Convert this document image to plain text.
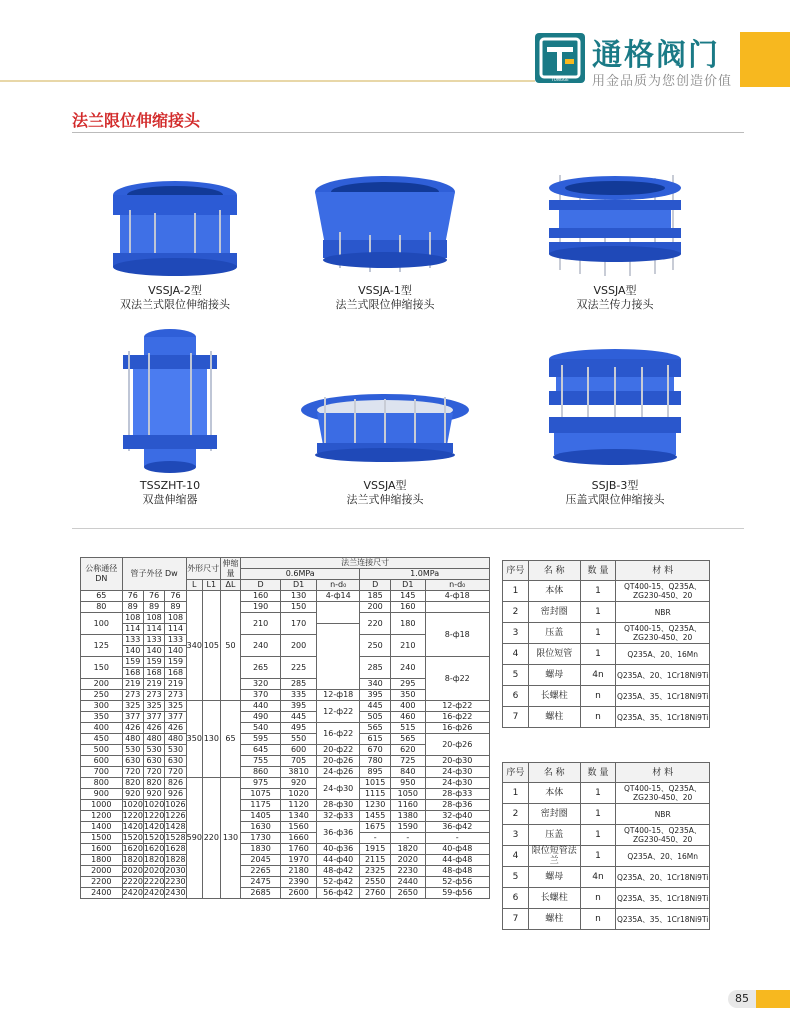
TONGGE
通格阀门
用金品质为您创造价值
法兰限位伸缩接头
VSSJA-2型
双法兰式限位伸缩接头
VSSJA-1型
法兰式限位伸缩接头
VSSJA型
双法兰传力接头
TSSZHT-10
双盘伸缩器
VSSJA型
法兰式伸缩接头
SSJB-3型
压盖式限位伸缩接头
公称通径 DN	管子外径 Dw			外形尺寸		伸缩量	法兰连接尺寸					
							0.6MPa			1.0MPa		
				L	L1	ΔL	D	D1	n-d₀	D	D1	n-d₀
65	76	76	76	340	105	50	160	130	4-ф14	185	145	4-ф18
80	89	89	89				190	150		200	160	
100	108	108	108				210	170		220	180	8-ф18
	114	114	114									
125	133	133	133				240	200		250	210	
	140	140	140									
150	159	159	159				265	225		285	240	8-ф22
	168	168	168									
200	219	219	219				320	285		340	295	
250	273	273	273				370	335	12-ф18	395	350	
300	325	325	325	350	130	65	440	395	12-ф22	445	400	12-ф22
350	377	377	377				490	445		505	460	16-ф22
400	426	426	426				540	495	16-ф22	565	515	16-ф26
450	480	480	480				595	550		615	565	20-ф26
500	530	530	530				645	600	20-ф22	670	620	
600	630	630	630				755	705	20-ф26	780	725	20-ф30
700	720	720	720				860	3810	24-ф26	895	840	24-ф30
800	820	820	826	590	220	130	975	920	24-ф30	1015	950	24-ф30
900	920	920	926				1075	1020		1115	1050	28-ф33
1000	1020	1020	1026				1175	1120	28-ф30	1230	1160	28-ф36
1200	1220	1220	1226				1405	1340	32-ф33	1455	1380	32-ф40
1400	1420	1420	1428				1630	1560	36-ф36	1675	1590	36-ф42
1500	1520	1520	1528				1730	1660		-	-	-
1600	1620	1620	1628				1830	1760	40-ф36	1915	1820	40-ф48
1800	1820	1820	1828				2045	1970	44-ф40	2115	2020	44-ф48
2000	2020	2020	2030				2265	2180	48-ф42	2325	2230	48-ф48
2200	2220	2220	2230				2475	2390	52-ф42	2550	2440	52-ф56
2400	2420	2420	2430				2685	2600	56-ф42	2760	2650	59-ф56
序号	名 称	数 量	材 料
1	本体	1	QT400-15、Q235A、ZG230-450、20
2	密封圈	1	NBR
3	压盖	1	QT400-15、Q235A、ZG230-450、20
4	限位短管	1	Q235A、20、16Mn
5	螺母	4n	Q235A、20、1Cr18Ni9Ti
6	长螺柱	n	Q235A、35、1Cr18Ni9Ti
7	螺柱	n	Q235A、35、1Cr18Ni9Ti
序号	名 称	数 量	材 料
1	本体	1	QT400-15、Q235A、ZG230-450、20
2	密封圈	1	NBR
3	压盖	1	QT400-15、Q235A、ZG230-450、20
4	限位短管法兰	1	Q235A、20、16Mn
5	螺母	4n	Q235A、20、1Cr18Ni9Ti
6	长螺柱	n	Q235A、35、1Cr18Ni9Ti
7	螺柱	n	Q235A、35、1Cr18Ni9Ti
85
